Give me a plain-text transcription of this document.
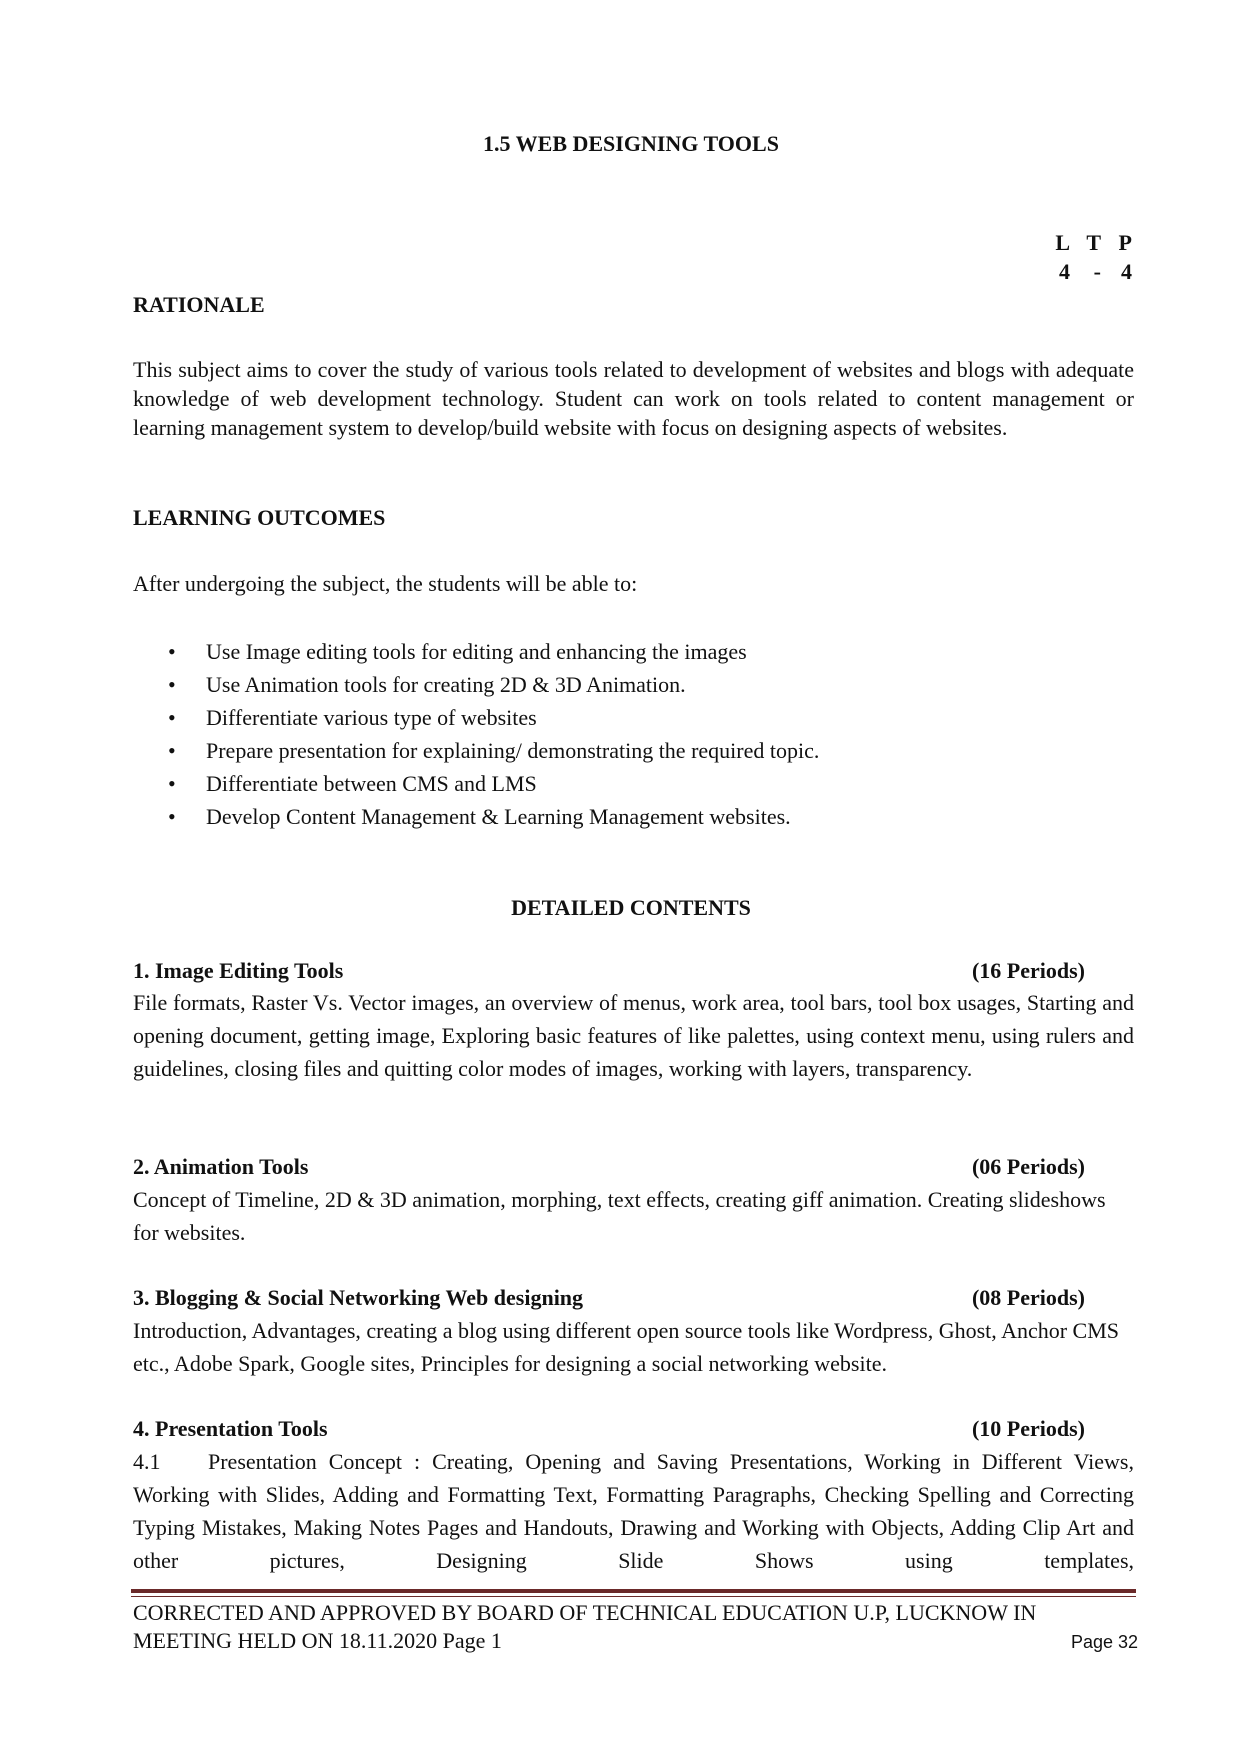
1.5 WEB DESIGNING TOOLS
L T P
4	- 4
RATIONALE
This subject aims to cover the study of various tools related to development of websites and blogs with adequate knowledge of web development technology. Student can work on tools related to content management or learning management system to develop/build website with focus on designing aspects of websites.
LEARNING OUTCOMES
After undergoing the subject, the students will be able to:
•	Use Image editing tools for editing and enhancing the images
•	Use Animation tools for creating 2D & 3D Animation.
•	Differentiate various type of websites
•	Prepare presentation for explaining/ demonstrating the required topic.
•	Differentiate between CMS and LMS
•	Develop Content Management & Learning Management websites.
DETAILED CONTENTS
1. Image Editing Tools	(16 Periods)
File formats, Raster Vs. Vector images, an overview of menus, work area, tool bars, tool box usages, Starting and opening document, getting image, Exploring basic features of like palettes, using context menu, using rulers and guidelines, closing files and quitting color modes of images, working with layers, transparency.
2. Animation Tools	(06 Periods)
Concept of Timeline, 2D & 3D animation, morphing, text effects, creating giff animation. Creating slideshows for websites.
3. Blogging & Social Networking Web designing	(08 Periods)
Introduction, Advantages, creating a blog using different open source tools like Wordpress, Ghost, Anchor CMS etc., Adobe Spark, Google sites, Principles for designing a social networking website.
4. Presentation Tools	(10 Periods)
4.1 Presentation Concept : Creating, Opening and Saving Presentations, Working in Different Views, Working with Slides, Adding and Formatting Text, Formatting Paragraphs, Checking Spelling and Correcting Typing Mistakes, Making Notes Pages and Handouts, Drawing and Working with Objects, Adding Clip Art and other pictures, Designing Slide Shows using templates,
CORRECTED AND APPROVED BY BOARD OF TECHNICAL EDUCATION U.P, LUCKNOW IN
MEETING HELD ON 18.11.2020 Page 1	Page 32
